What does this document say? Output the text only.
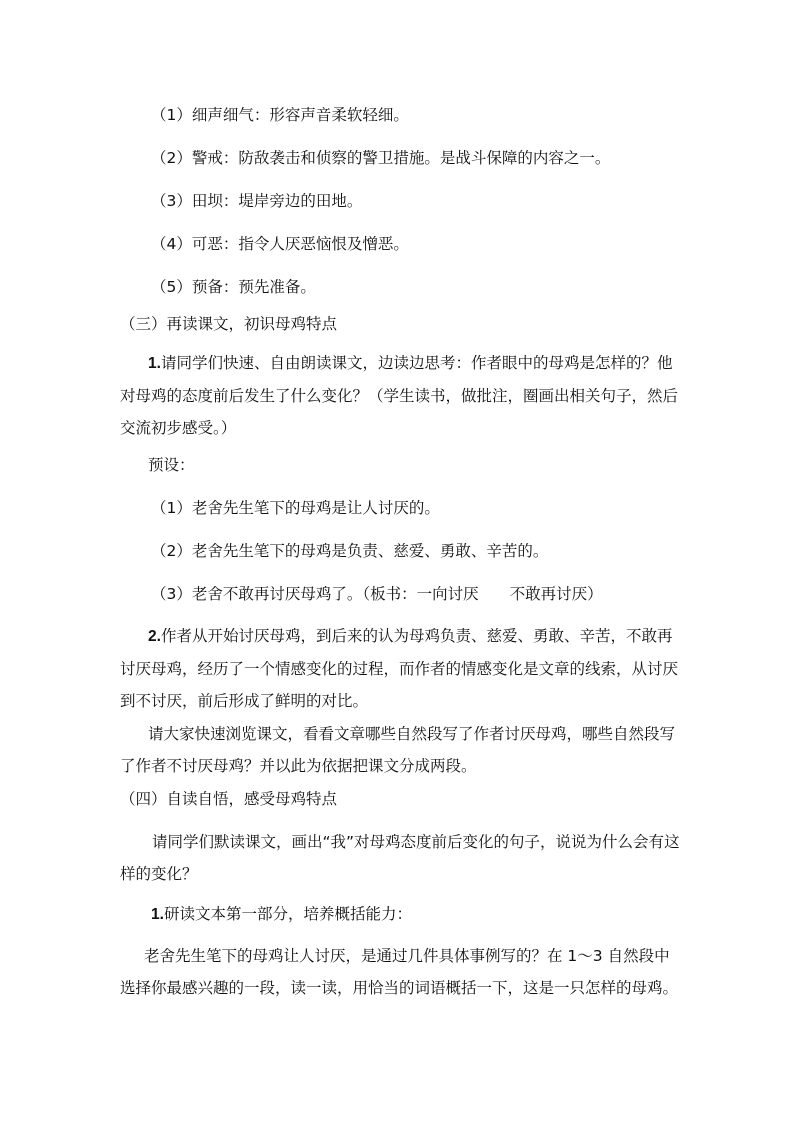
（1）细声细气：形容声音柔软轻细。
（2）警戒：防敌袭击和侦察的警卫措施。是战斗保障的内容之一。
（3）田坝：堤岸旁边的田地。
（4）可恶：指令人厌恶恼恨及憎恶。
（5）预备：预先准备。
（三）再读课文，初识母鸡特点
1.请同学们快速、自由朗读课文，边读边思考：作者眼中的母鸡是怎样的？他对母鸡的态度前后发生了什么变化？（学生读书，做批注，圈画出相关句子，然后交流初步感受。）
预设：
（1）老舍先生笔下的母鸡是让人讨厌的。
（2）老舍先生笔下的母鸡是负责、慈爱、勇敢、辛苦的。
（3）老舍不敢再讨厌母鸡了。（板书：一向讨厌　　不敢再讨厌）
2.作者从开始讨厌母鸡，到后来的认为母鸡负责、慈爱、勇敢、辛苦，不敢再讨厌母鸡，经历了一个情感变化的过程，而作者的情感变化是文章的线索，从讨厌到不讨厌，前后形成了鲜明的对比。
请大家快速浏览课文，看看文章哪些自然段写了作者讨厌母鸡，哪些自然段写了作者不讨厌母鸡？并以此为依据把课文分成两段。
（四）自读自悟，感受母鸡特点
请同学们默读课文，画出“我”对母鸡态度前后变化的句子，说说为什么会有这样的变化？
1.研读文本第一部分，培养概括能力：
老舍先生笔下的母鸡让人讨厌，是通过几件具体事例写的？在 1～3 自然段中选择你最感兴趣的一段，读一读，用恰当的词语概括一下，这是一只怎样的母鸡。
